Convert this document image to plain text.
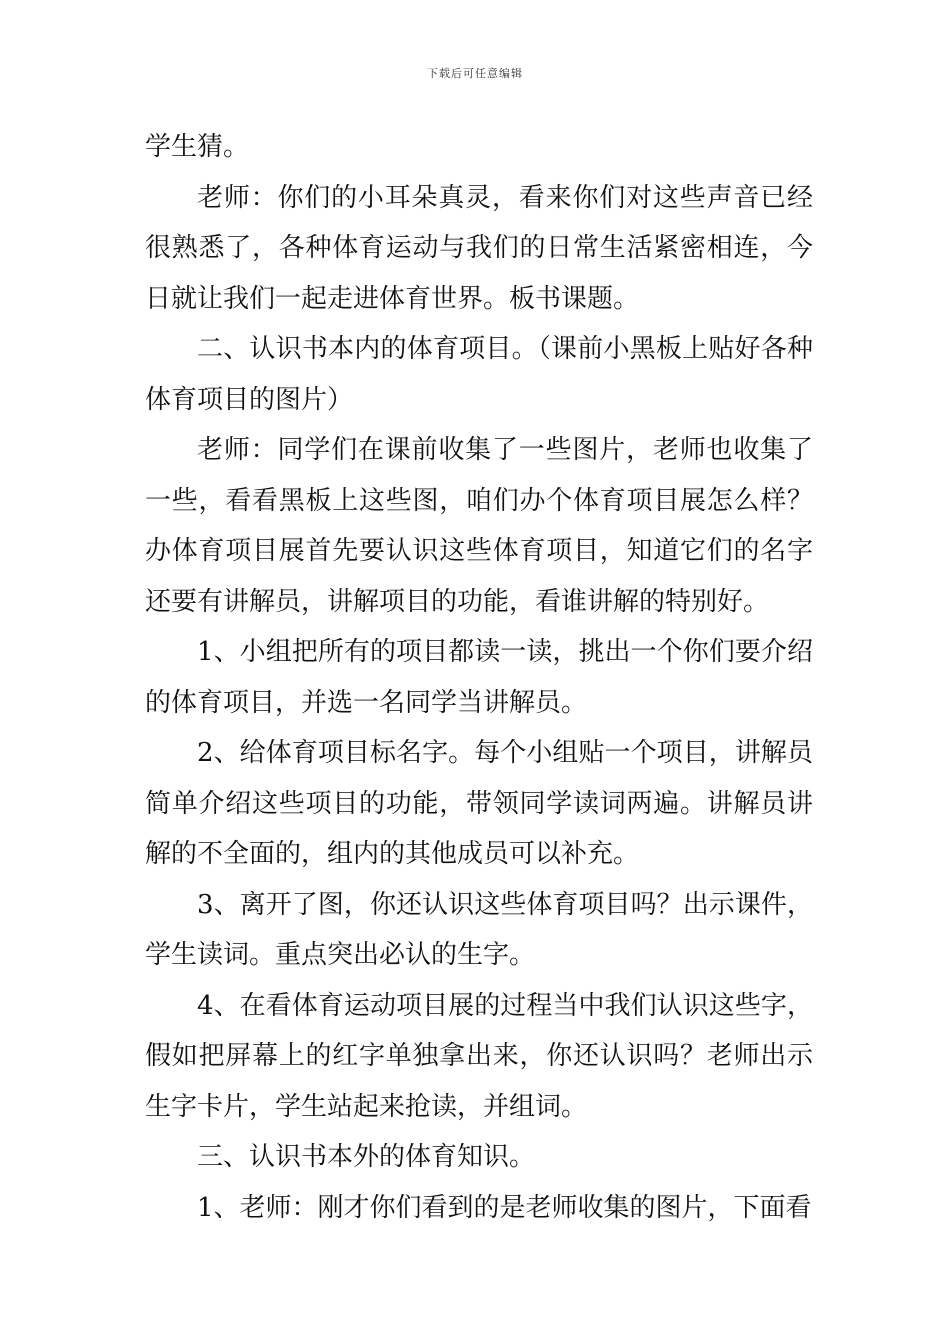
下载后可任意编辑

学生猜。

老师：你们的小耳朵真灵，看来你们对这些声音已经很熟悉了，各种体育运动与我们的日常生活紧密相连，今日就让我们一起走进体育世界。板书课题。

二、认识书本内的体育项目。（课前小黑板上贴好各种体育项目的图片）

老师：同学们在课前收集了一些图片，老师也收集了一些，看看黑板上这些图，咱们办个体育项目展怎么样？办体育项目展首先要认识这些体育项目，知道它们的名字还要有讲解员，讲解项目的功能，看谁讲解的特别好。

1、小组把所有的项目都读一读，挑出一个你们要介绍的体育项目，并选一名同学当讲解员。

2、给体育项目标名字。每个小组贴一个项目，讲解员简单介绍这些项目的功能，带领同学读词两遍。讲解员讲解的不全面的，组内的其他成员可以补充。

3、离开了图，你还认识这些体育项目吗？出示课件，学生读词。重点突出必认的生字。

4、在看体育运动项目展的过程当中我们认识这些字，假如把屏幕上的红字单独拿出来，你还认识吗？老师出示生字卡片，学生站起来抢读，并组词。

三、认识书本外的体育知识。

1、老师：刚才你们看到的是老师收集的图片，下面看
